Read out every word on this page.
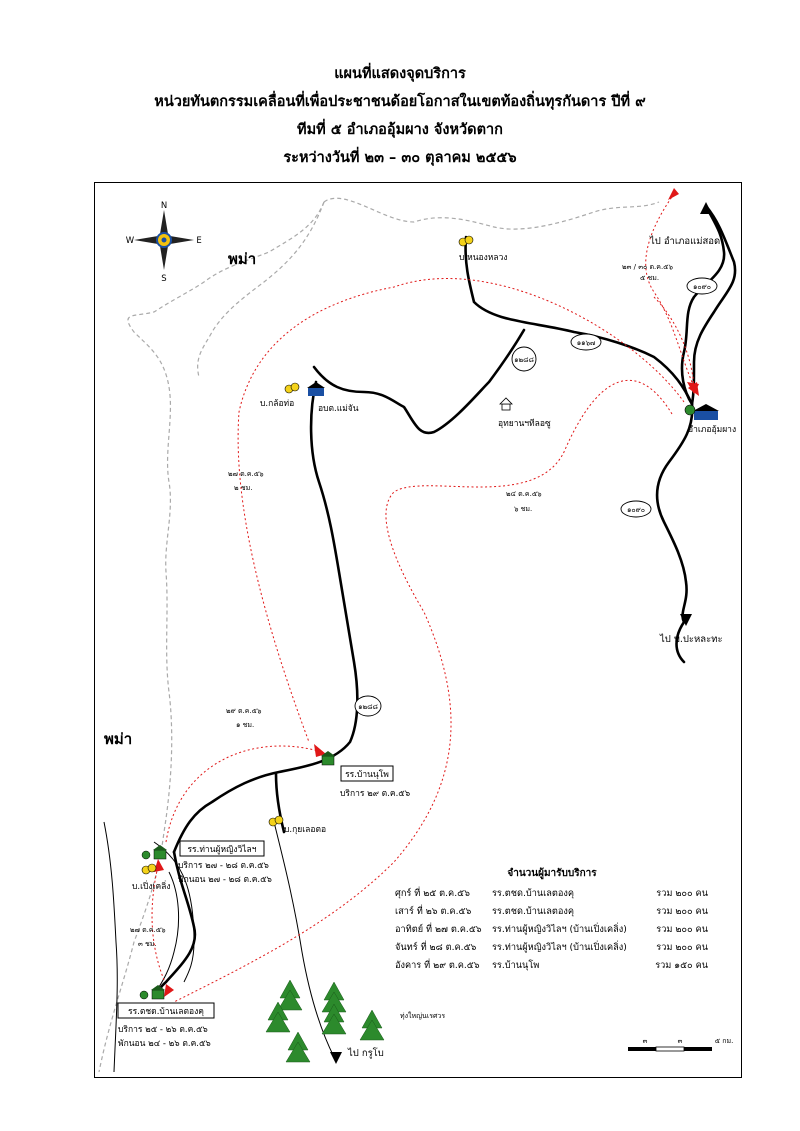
แผนที่แสดงจุดบริการ
หน่วยทันตกรรมเคลื่อนที่เพื่อประชาชนด้อยโอกาสในเขตท้องถิ่นทุรกันดาร ปีที่ ๙
ทีมที่ ๕ อำเภออุ้มผาง จังหวัดตาก
ระหว่างวันที่ ๒๓ – ๓๐ ตุลาคม ๒๕๕๖
N
S
E
W
พม่า
พม่า
บ.หนองหลวง
บ.กล้อท่อ	อบต.แม่จัน
อุทยานฯทีลอซู
อำเภออุ้มผาง
บ.กุยเลอตอ
บ.เปิ่งเคลิ่ง
รร.บ้านนุโพ
บริการ ๒๙ ต.ค.๕๖
รร.ท่านผู้หญิงวิไลฯ
บริการ ๒๗ - ๒๘ ต.ค.๕๖
พักนอน ๒๗ - ๒๘ ต.ค.๕๖
รร.ตชด.บ้านเลตองคุ
บริการ ๒๕ - ๒๖ ต.ค.๕๖
พักนอน ๒๔ - ๒๖ ต.ค.๕๖
๑๐๙๐
๑๑๖๗
๑๒๘๘
๑๐๙๐
๑๒๘๘
ไป อำเภอแม่สอด
ไป บ.ปะหละทะ
ไป กรูโบ
๒๓ / ๓๐ ต.ค.๕๖
๕ ชม.
๒๔ ต.ค.๕๖
๖ ชม.
๒๗ ต.ค.๕๖
๒ ชม.
๒๙ ต.ค.๕๖
๑ ชม.
๒๗ ต.ค.๕๖
๓ ชม.
ทุ่งใหญ่นเรศวร
จำนวนผู้มารับบริการ
ศุกร์ ที่ ๒๕ ต.ค.๕๖ รร.ตชด.บ้านเลตองคุ	รวม ๒๐๐ คน
เสาร์ ที่ ๒๖ ต.ค.๕๖ รร.ตชด.บ้านเลตองคุ	รวม ๒๐๐ คน
อาทิตย์ ที่ ๒๗ ต.ค.๕๖ รร.ท่านผู้หญิงวิไลฯ (บ้านเปิ่งเคลิ่ง)	รวม ๒๐๐ คน
จันทร์ ที่ ๒๘ ต.ค.๕๖ รร.ท่านผู้หญิงวิไลฯ (บ้านเปิ่งเคลิ่ง)	รวม ๒๐๐ คน
อังคาร ที่ ๒๙ ต.ค.๕๖ รร.บ้านนุโพ	รวม ๑๕๐ คน
๓	๓	๕ กม.
